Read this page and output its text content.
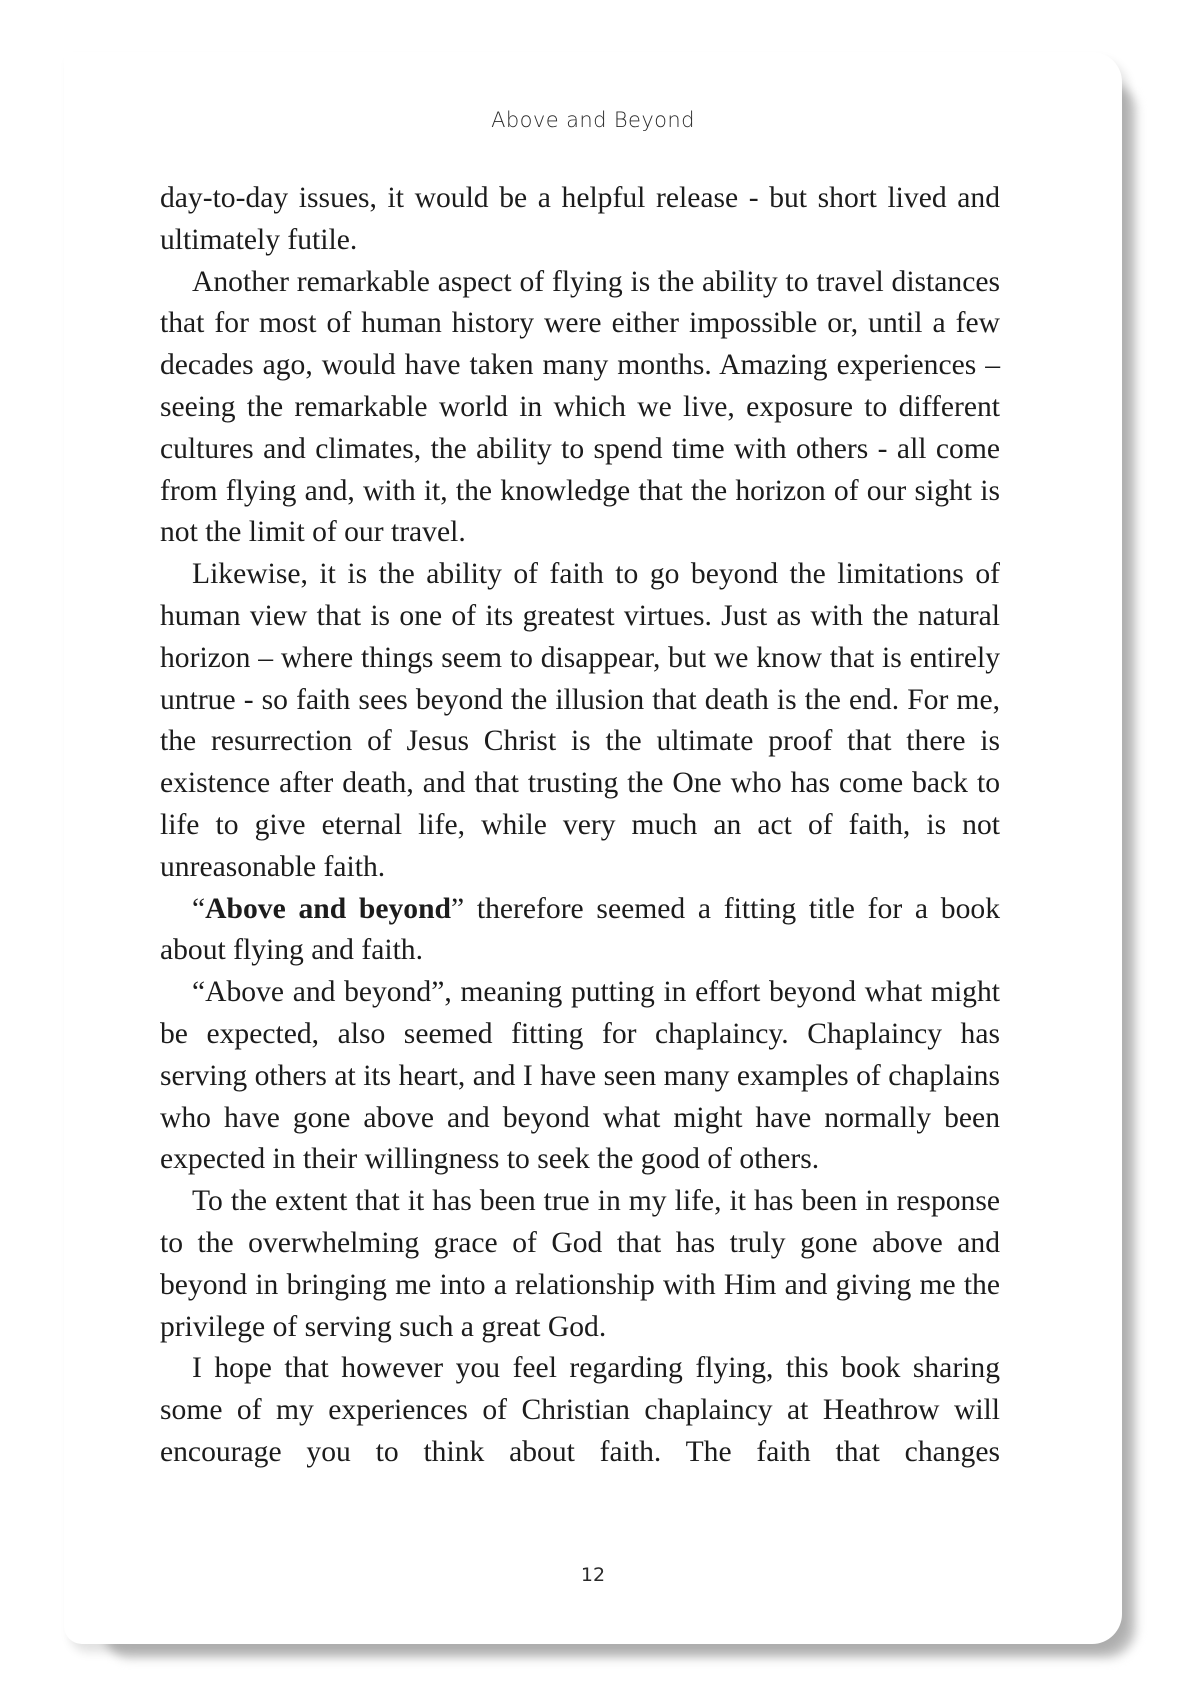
Above and Beyond

day-to-day issues, it would be a helpful release - but short lived and ultimately futile.

Another remarkable aspect of flying is the ability to travel distances that for most of human history were either impossible or, until a few decades ago, would have taken many months. Amazing experiences – seeing the remarkable world in which we live, exposure to different cultures and climates, the ability to spend time with others - all come from flying and, with it, the knowledge that the horizon of our sight is not the limit of our travel.

Likewise, it is the ability of faith to go beyond the limitations of human view that is one of its greatest virtues. Just as with the natural horizon – where things seem to disappear, but we know that is entirely untrue - so faith sees beyond the illusion that death is the end. For me, the resurrection of Jesus Christ is the ultimate proof that there is existence after death, and that trusting the One who has come back to life to give eternal life, while very much an act of faith, is not unreasonable faith.

“Above and beyond” therefore seemed a fitting title for a book about flying and faith.

“Above and beyond”, meaning putting in effort beyond what might be expected, also seemed fitting for chaplaincy. Chaplaincy has serving others at its heart, and I have seen many examples of chaplains who have gone above and beyond what might have normally been expected in their willingness to seek the good of others.

To the extent that it has been true in my life, it has been in response to the overwhelming grace of God that has truly gone above and beyond in bringing me into a relationship with Him and giving me the privilege of serving such a great God.

I hope that however you feel regarding flying, this book sharing some of my experiences of Christian chaplaincy at Heathrow will encourage you to think about faith. The faith that changes

12
